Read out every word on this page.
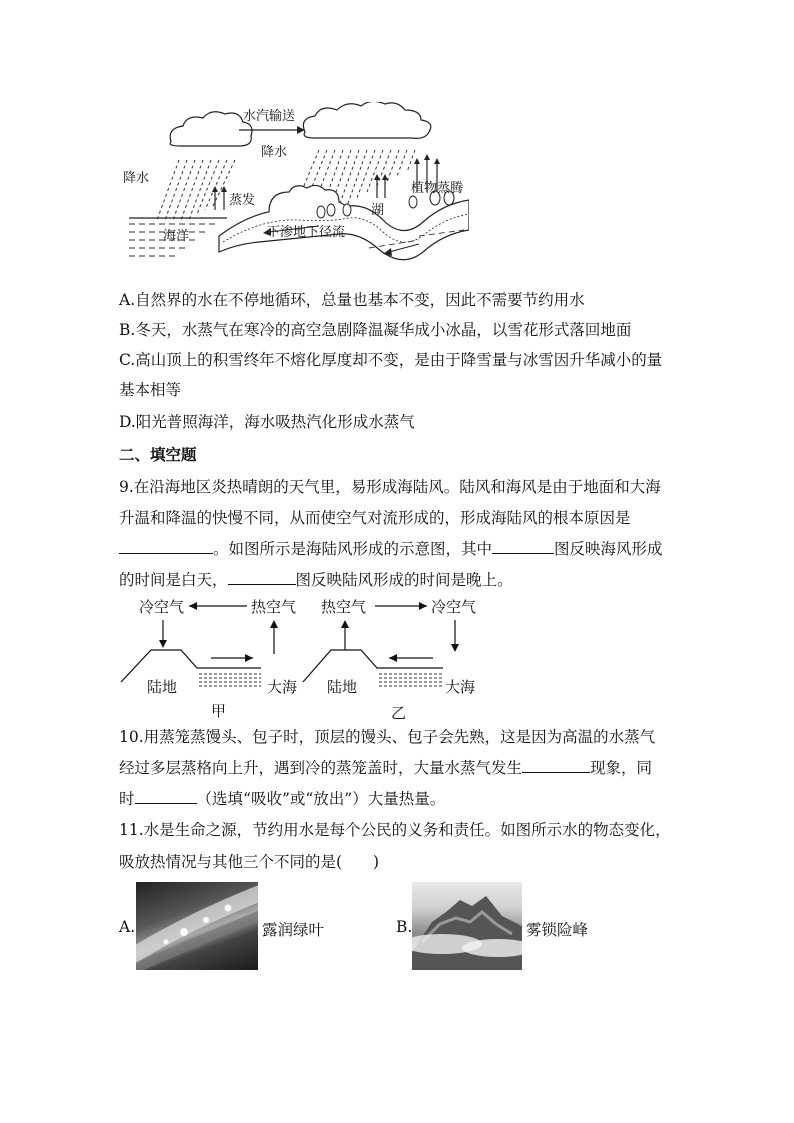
水汽输送
降水
降水
蒸发
植物蒸腾
湖
海洋	下渗地下径流
A.自然界的水在不停地循环，总量也基本不变，因此不需要节约用水
B.冬天，水蒸气在寒冷的高空急剧降温凝华成小冰晶，以雪花形式落回地面
C.高山顶上的积雪终年不熔化厚度却不变，是由于降雪量与冰雪因升华减小的量
基本相等
D.阳光普照海洋，海水吸热汽化形成水蒸气
二、填空题
9.在沿海地区炎热晴朗的天气里，易形成海陆风。陆风和海风是由于地面和大海
升温和降温的快慢不同，从而使空气对流形成的，形成海陆风的根本原因是
。如图所示是海陆风形成的示意图，其中	图反映海风形成
的时间是白天，	图反映陆风形成的时间是晚上。
冷空气	热空气
陆地	大海
甲
热空气	冷空气
陆地	大海
乙
10.用蒸笼蒸馒头、包子时，顶层的馒头、包子会先熟，这是因为高温的水蒸气
经过多层蒸格向上升，遇到冷的蒸笼盖时，大量水蒸气发生	现象，同
时	（选填“吸收”或“放出”）大量热量。
11.水是生命之源，节约用水是每个公民的义务和责任。如图所示水的物态变化，
吸放热情况与其他三个不同的是(　　)
A.	露润绿叶	B.	雾锁险峰
